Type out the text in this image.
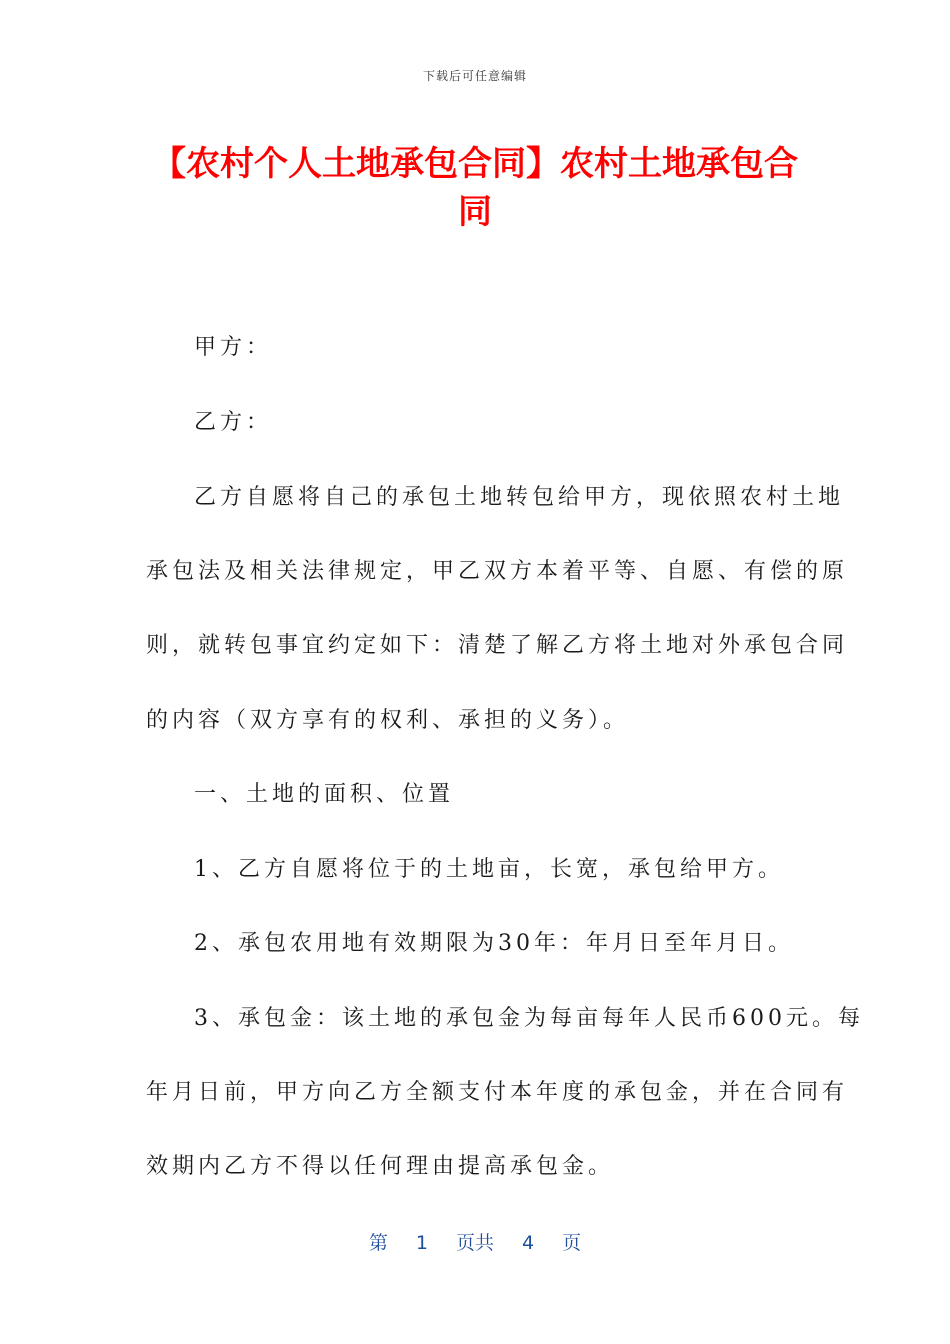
下载后可任意编辑
【农村个人土地承包合同】农村土地承包合
同
甲方：
乙方：
乙方自愿将自己的承包土地转包给甲方，现依照农村土地
承包法及相关法律规定，甲乙双方本着平等、自愿、有偿的原
则，就转包事宜约定如下：清楚了解乙方将土地对外承包合同
的内容（双方享有的权利、承担的义务）。
一、土地的面积、位置
1、乙方自愿将位于的土地亩，长宽，承包给甲方。
2、承包农用地有效期限为30年：年月日至年月日。
3、承包金：该土地的承包金为每亩每年人民币600元。每
年月日前，甲方向乙方全额支付本年度的承包金，并在合同有
效期内乙方不得以任何理由提高承包金。
第 1 页共 4 页
